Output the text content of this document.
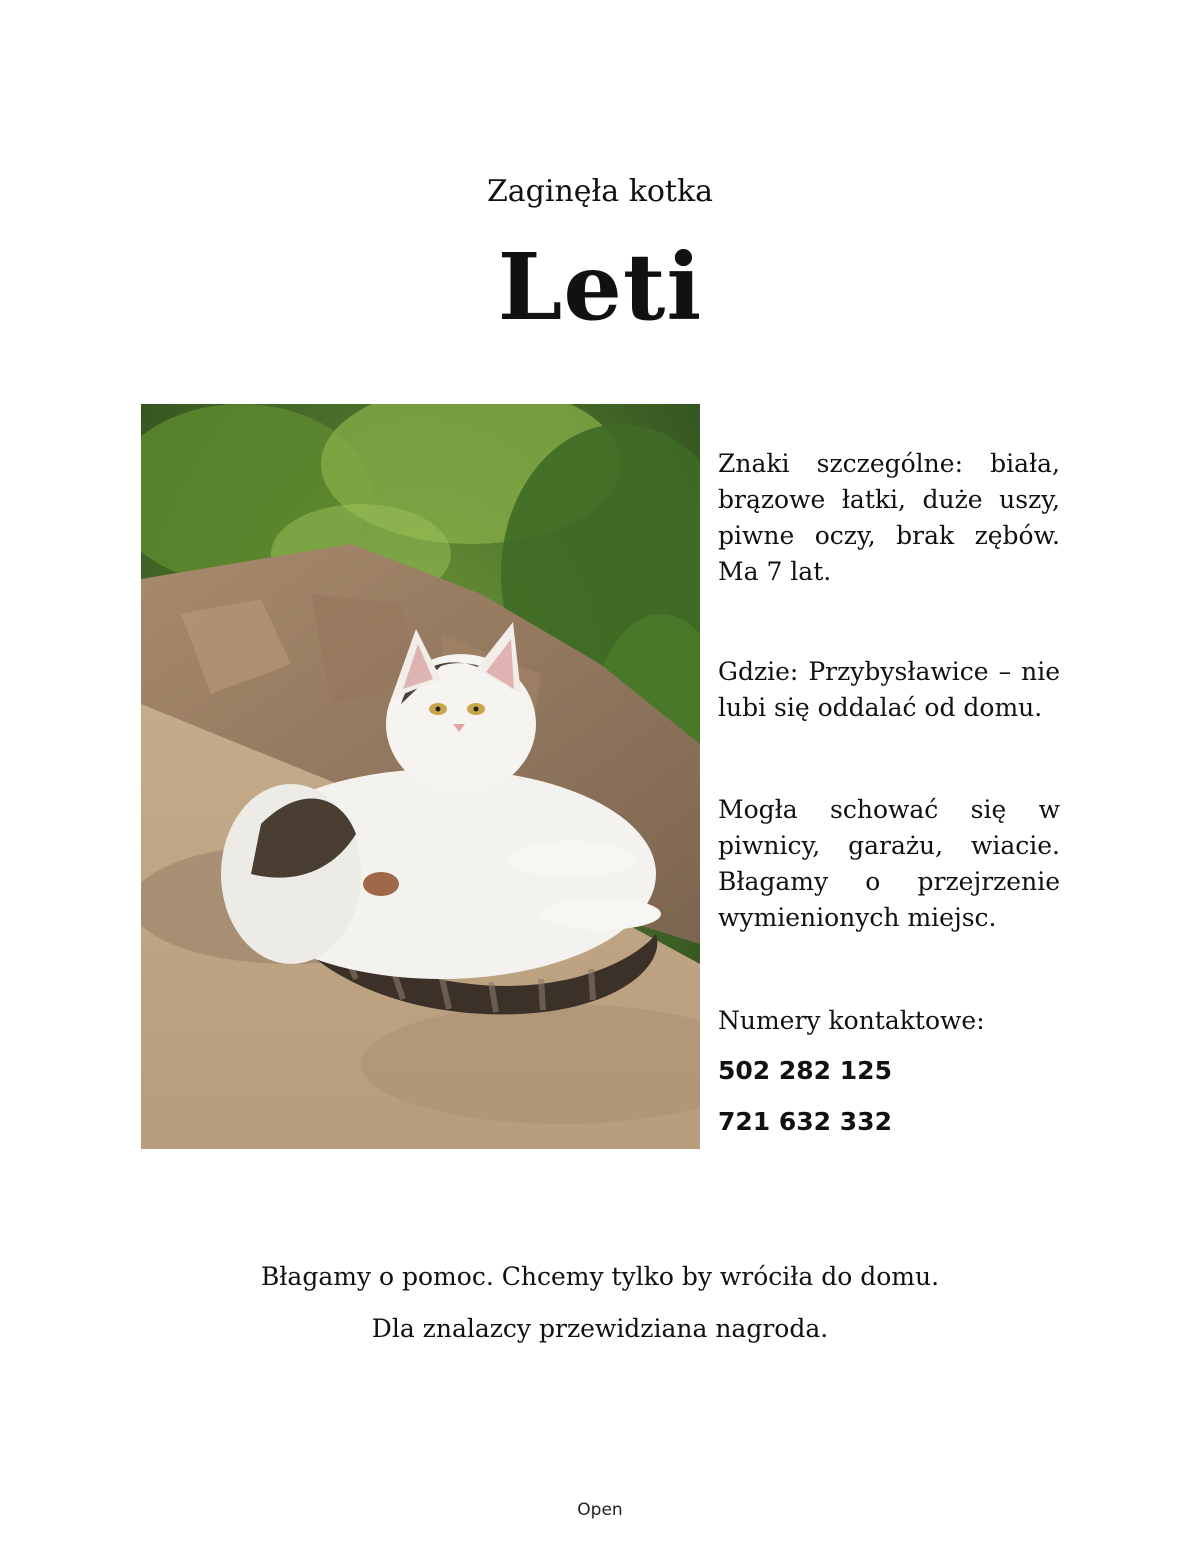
Zaginęła kotka
Leti

Znaki szczególne: biała, brązowe łatki, duże uszy, piwne oczy, brak zębów. Ma 7 lat.

Gdzie: Przybysławice – nie lubi się oddalać od domu.

Mogła schować się w piwnicy, garażu, wiacie. Błagamy o przejrzenie wymienionych miejsc.

Numery kontaktowe:
502 282 125
721 632 332
Błagamy o pomoc. Chcemy tylko by wróciła do domu.
Dla znalazcy przewidziana nagroda.
Open
